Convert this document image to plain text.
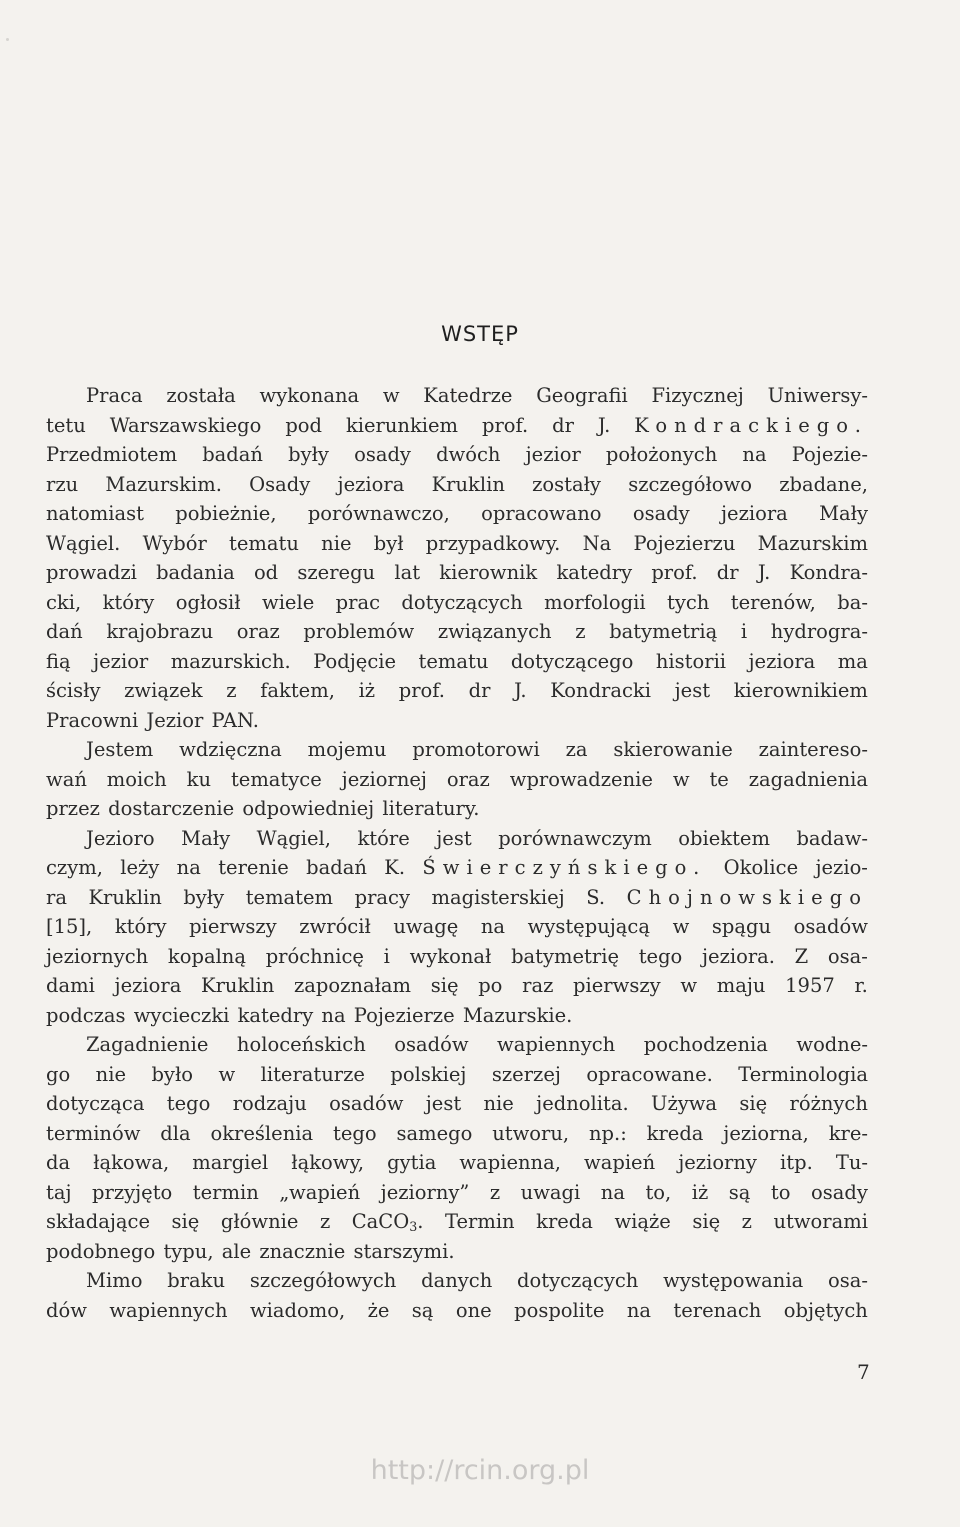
WSTĘP
Praca została wykonana w Katedrze Geografii Fizycznej Uniwersy-
tetu Warszawskiego pod kierunkiem prof. dr J. Kondrackiego.
Przedmiotem badań były osady dwóch jezior położonych na Pojezie-
rzu Mazurskim. Osady jeziora Kruklin zostały szczegółowo zbadane,
natomiast pobieżnie, porównawczo, opracowano osady jeziora Mały
Wągiel. Wybór tematu nie był przypadkowy. Na Pojezierzu Mazurskim
prowadzi badania od szeregu lat kierownik katedry prof. dr J. Kondra-
cki, który ogłosił wiele prac dotyczących morfologii tych terenów, ba-
dań krajobrazu oraz problemów związanych z batymetrią i hydrogra-
fią jezior mazurskich. Podjęcie tematu dotyczącego historii jeziora ma
ścisły związek z faktem, iż prof. dr J. Kondracki jest kierownikiem
Pracowni Jezior PAN.
Jestem wdzięczna mojemu promotorowi za skierowanie zaintereso-
wań moich ku tematyce jeziornej oraz wprowadzenie w te zagadnienia
przez dostarczenie odpowiedniej literatury.
Jezioro Mały Wągiel, które jest porównawczym obiektem badaw-
czym, leży na terenie badań K. Świerczyńskiego. Okolice jezio-
ra Kruklin były tematem pracy magisterskiej S. Chojnowskiego
[15], który pierwszy zwrócił uwagę na występującą w spągu osadów
jeziornych kopalną próchnicę i wykonał batymetrię tego jeziora. Z osa-
dami jeziora Kruklin zapoznałam się po raz pierwszy w maju 1957 r.
podczas wycieczki katedry na Pojezierze Mazurskie.
Zagadnienie holoceńskich osadów wapiennych pochodzenia wodne-
go nie było w literaturze polskiej szerzej opracowane. Terminologia
dotycząca tego rodzaju osadów jest nie jednolita. Używa się różnych
terminów dla określenia tego samego utworu, np.: kreda jeziorna, kre-
da łąkowa, margiel łąkowy, gytia wapienna, wapień jeziorny itp. Tu-
taj przyjęto termin „wapień jeziorny” z uwagi na to, iż są to osady
składające się głównie z CaCO$_3$. Termin kreda wiąże się z utworami
podobnego typu, ale znacznie starszymi.
Mimo braku szczegółowych danych dotyczących występowania osa-
dów wapiennych wiadomo, że są one pospolite na terenach objętych
7
http://rcin.org.pl
